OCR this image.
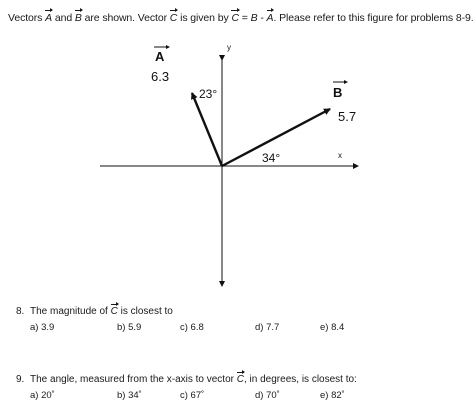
Vectors A and B are shown. Vector C is given by C = B - A. Please refer to this figure for problems 8-9.
y
x
A
6.3
23°	B
5.7
34°
8. The magnitude of C is closest to
a) 3.9	b) 5.9	c) 6.8	d) 7.7	e) 8.4
9. The angle, measured from the x-axis to vector C, in degrees, is closest to:
a) 20˚	b) 34˚	c) 67˚	d) 70˚	e) 82˚
